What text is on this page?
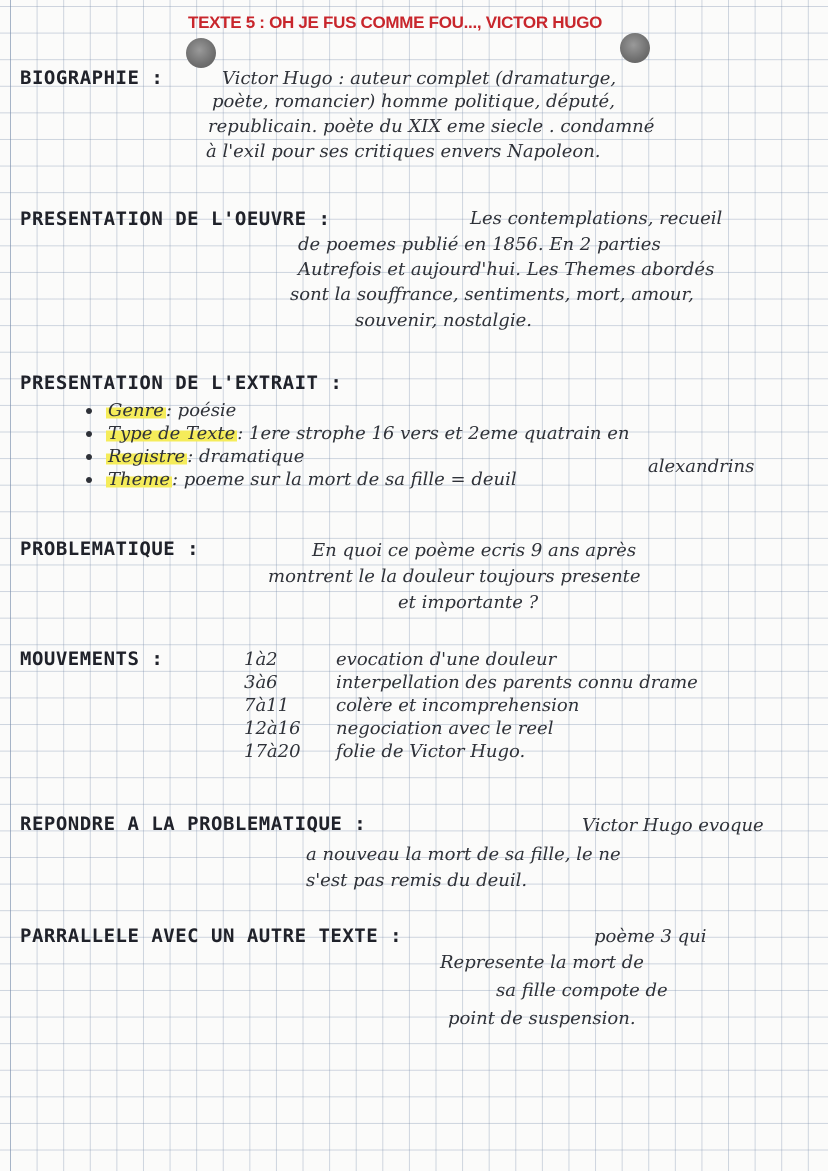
TEXTE 5 : OH JE FUS COMME FOU..., VICTOR HUGO
BIOGRAPHIE :	Victor Hugo : auteur complet (dramaturge,
poète, romancier) homme politique, député,
republicain. poète du XIX eme siecle . condamné
à l'exil pour ses critiques envers Napoleon.
PRESENTATION DE L'OEUVRE :	Les contemplations, recueil
de poemes publié en 1856. En 2 parties
Autrefois et aujourd'hui. Les Themes abordés
sont la souffrance, sentiments, mort, amour,
souvenir, nostalgie.
PRESENTATION DE L'EXTRAIT :
Genre : poésie
Type de Texte : 1ere strophe 16 vers et 2eme quatrain en
Registre : dramatique
Theme : poeme sur la mort de sa fille = deuil
alexandrins
PROBLEMATIQUE :	En quoi ce poème ecris 9 ans après
montrent le la douleur toujours presente
et importante ?
MOUVEMENTS :	1à2	evocation d'une douleur
3à6	interpellation des parents connu drame
7à11	colère et incomprehension
12à16 negociation avec le reel
17à20 folie de Victor Hugo.
REPONDRE A LA PROBLEMATIQUE :	Victor Hugo evoque
a nouveau la mort de sa fille, le ne
s'est pas remis du deuil.
PARRALLELE AVEC UN AUTRE TEXTE :	poème 3 qui
Represente la mort de
sa fille compote de
point de suspension.
